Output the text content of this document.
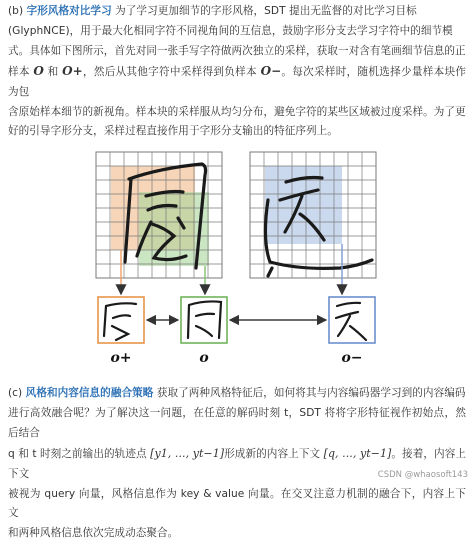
(b) 字形风格对比学习 为了学习更加细节的字形风格，SDT 提出无监督的对比学习目标
(GlyphNCE)，用于最大化相同字符不同视角间的互信息，鼓励字形分支去学习字符中的细节模
式。具体如下图所示，首先对同一张手写字符做两次独立的采样，获取一对含有笔画细节信息的正
样本 O 和 O+，然后从其他字符中采样得到负样本 O−。每次采样时，随机选择少量样本块作为包
含原始样本细节的新视角。样本块的采样服从均匀分布，避免字符的某些区域被过度采样。为了更
好的引导字形分支，采样过程直接作用于字形分支输出的特征序列上。
o+	o	o−
(c) 风格和内容信息的融合策略 获取了两种风格特征后，如何将其与内容编码器学习到的内容编码
进行高效融合呢？为了解决这一问题，在任意的解码时刻 t，SDT 将将字形特征视作初始点，然后结合
q 和 t 时刻之前输出的轨迹点 [y1, ..., yt−1]形成新的内容上下文 [q, ..., yt−1]。接着，内容上下文
被视为 query 向量，风格信息作为 key & value 向量。在交叉注意力机制的融合下，内容上下文
和两种风格信息依次完成动态聚合。
CSDN @whaosoft143
